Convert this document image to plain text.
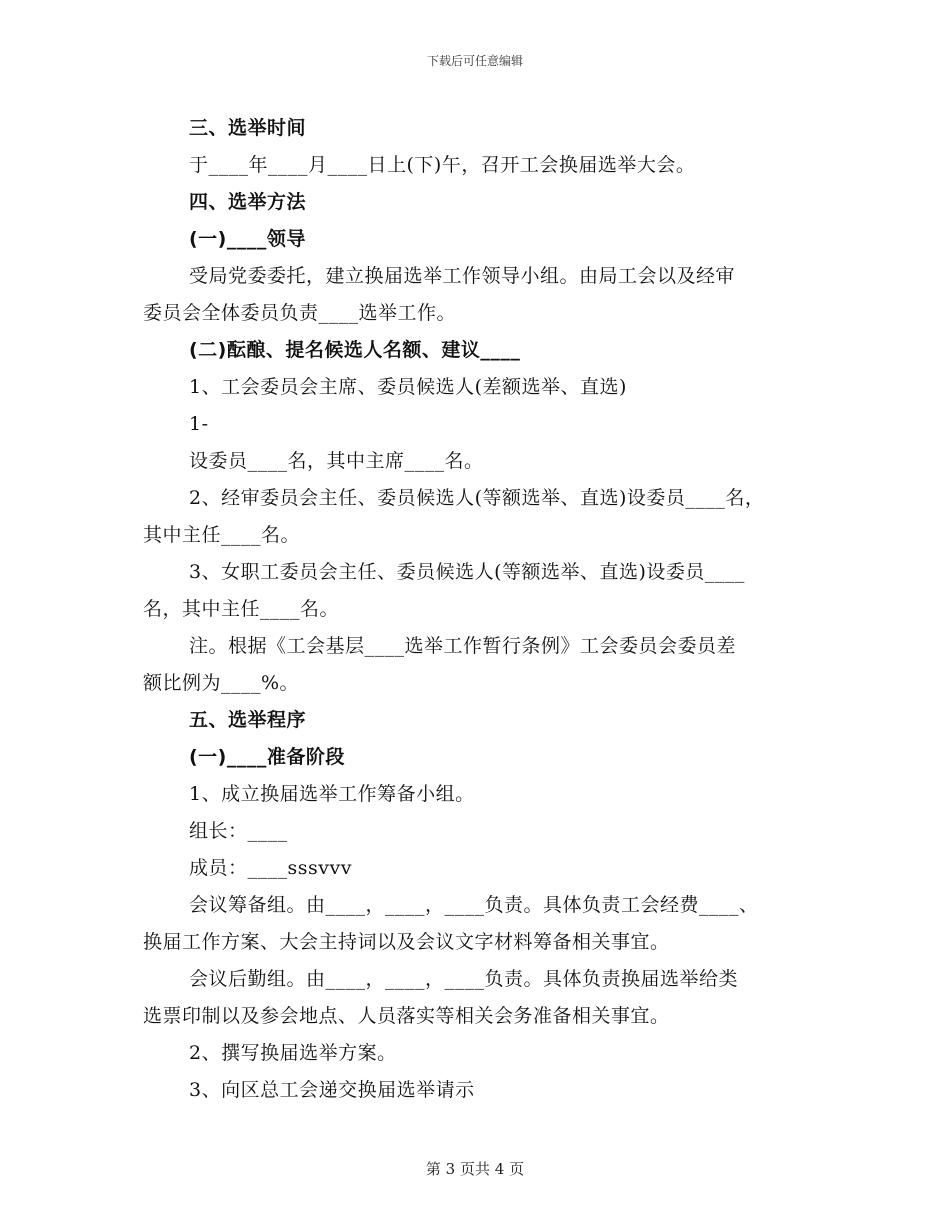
下载后可任意编辑
三、选举时间
于____年____月____日上(下)午，召开工会换届选举大会。
四、选举方法
(一)____领导
受局党委委托，建立换届选举工作领导小组。由局工会以及经审
委员会全体委员负责____选举工作。
(二)酝酿、提名候选人名额、建议____
1、工会委员会主席、委员候选人(差额选举、直选)
1-
设委员____名，其中主席____名。
2、经审委员会主任、委员候选人(等额选举、直选)设委员____名，
其中主任____名。
3、女职工委员会主任、委员候选人(等额选举、直选)设委员____
名，其中主任____名。
注。根据《工会基层____选举工作暂行条例》工会委员会委员差
额比例为____%。
五、选举程序
(一)____准备阶段
1、成立换届选举工作筹备小组。
组长：____
成员：____sssvvv
会议筹备组。由____，____，____负责。具体负责工会经费____、
换届工作方案、大会主持词以及会议文字材料筹备相关事宜。
会议后勤组。由____，____，____负责。具体负责换届选举给类
选票印制以及参会地点、人员落实等相关会务准备相关事宜。
2、撰写换届选举方案。
3、向区总工会递交换届选举请示
第 3 页共 4 页
